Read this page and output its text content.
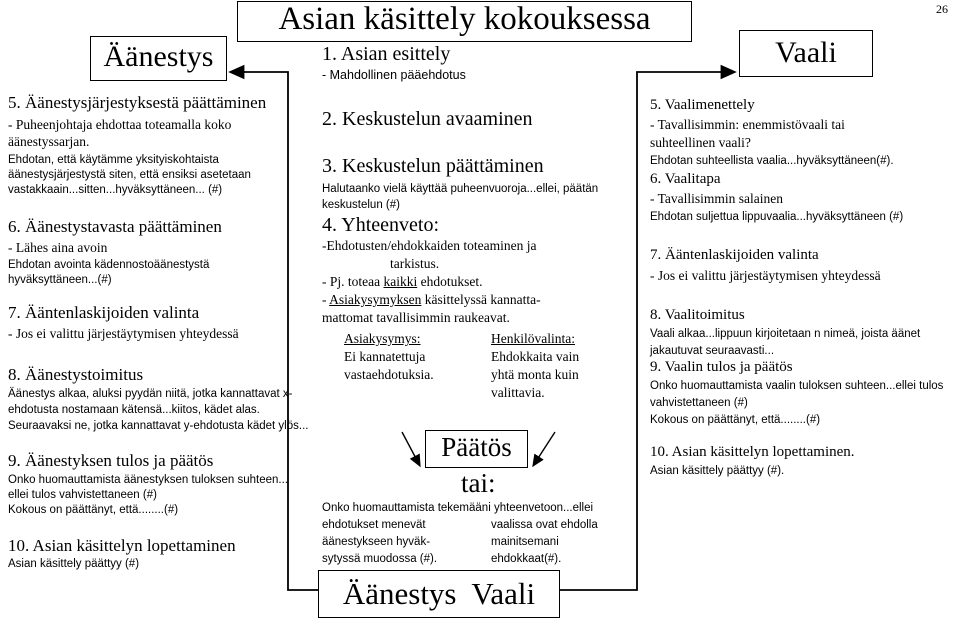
26
Asian käsittely kokouksessa
Äänestys	Vaali
5. Äänestysjärjestyksestä päättäminen
- Puheenjohtaja ehdottaa toteamalla koko
äänestyssarjan.
Ehdotan, että käytämme yksityiskohtaista
äänestysjärjestystä siten, että ensiksi asetetaan
vastakkaain...sitten...hyväksyttäneen... (#)
6. Äänestystavasta päättäminen
- Lähes aina avoin
Ehdotan avointa kädennostoäänestystä
hyväksyttäneen...(#)
7. Ääntenlaskijoiden valinta
- Jos ei valittu järjestäytymisen yhteydessä
8. Äänestystoimitus
Äänestys alkaa, aluksi pyydän niitä, jotka kannattavat x-
ehdotusta nostamaan kätensä...kiitos, kädet alas.
Seuraavaksi ne, jotka kannattavat y-ehdotusta kädet ylös...
9. Äänestyksen tulos ja päätös
Onko huomauttamista äänestyksen tuloksen suhteen...
ellei tulos vahvistettaneen (#)
Kokous on päättänyt, että........(#)
10. Asian käsittelyn lopettaminen
Asian käsittely päättyy (#)
1. Asian esittely
- Mahdollinen pääehdotus
2. Keskustelun avaaminen
3. Keskustelun päättäminen
Halutaanko vielä käyttää puheenvuoroja...ellei, päätän
keskustelun (#)
4. Yhteenveto:
-Ehdotusten/ehdokkaiden toteaminen ja
tarkistus.
- Pj. toteaa kaikki ehdotukset.
- Asiakysymyksen käsittelyssä kannatta-
mattomat tavallisimmin raukeavat.
Asiakysymys:
Ei kannatettuja
vastaehdotuksia.
Henkilövalinta:
Ehdokkaita vain
yhtä monta kuin
valittavia.
Päätös
tai:
Onko huomauttamista tekemääni yhteenvetoon...ellei
ehdotukset menevät
äänestykseen hyväk-
sytyssä muodossa (#).
vaalissa ovat ehdolla
mainitsemani
ehdokkaat(#).
Äänestys  Vaali
5. Vaalimenettely
- Tavallisimmin: enemmistövaali tai
suhteellinen vaali?
Ehdotan suhteellista vaalia...hyväksyttäneen(#).
6. Vaalitapa
- Tavallisimmin salainen
Ehdotan suljettua lippuvaalia...hyväksyttäneen (#)
7. Ääntenlaskijoiden valinta
- Jos ei valittu järjestäytymisen yhteydessä
8. Vaalitoimitus
Vaali alkaa...lippuun kirjoitetaan n nimeä, joista äänet
jakautuvat seuraavasti...
9. Vaalin tulos ja päätös
Onko huomauttamista vaalin tuloksen suhteen...ellei tulos
vahvistettaneen (#)
Kokous on päättänyt, että........(#)
10. Asian käsittelyn lopettaminen.
Asian käsittely päättyy (#).
